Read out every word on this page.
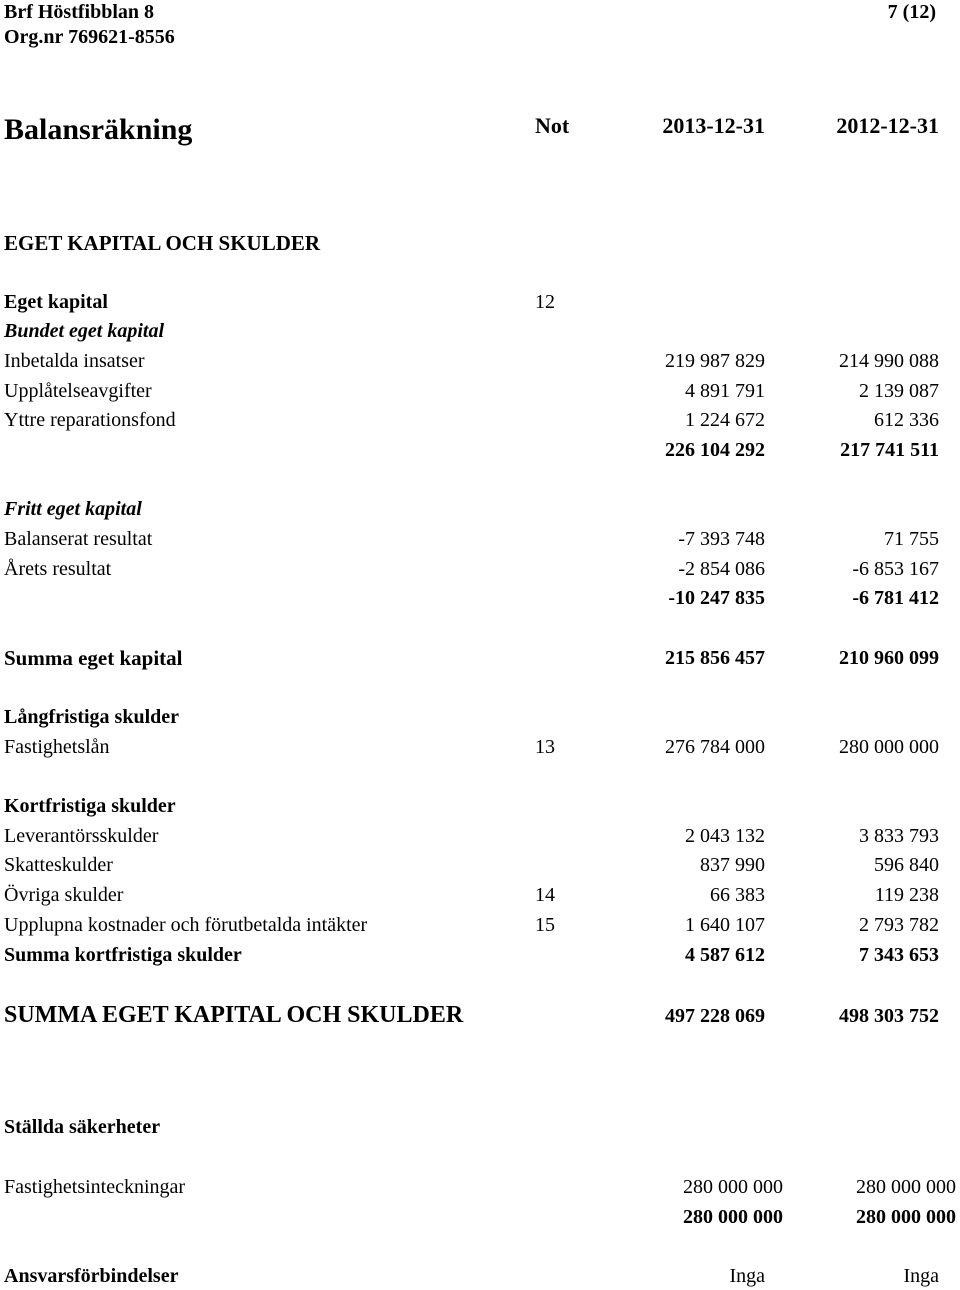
Brf Höstfibblan 8
Org.nr 769621-8556
7 (12)
Balansräkning	Not	2013-12-31	2012-12-31
EGET KAPITAL OCH SKULDER
Eget kapital	12
Bundet eget kapital
Inbetalda insatser	219 987 829	214 990 088
Upplåtelseavgifter	4 891 791	2 139 087
Yttre reparationsfond	1 224 672	612 336
226 104 292	217 741 511
Fritt eget kapital
Balanserat resultat	-7 393 748	71 755
Årets resultat	-2 854 086	-6 853 167
-10 247 835	-6 781 412
Summa eget kapital	215 856 457	210 960 099
Långfristiga skulder
Fastighetslån	13	276 784 000	280 000 000
Kortfristiga skulder
Leverantörsskulder	2 043 132	3 833 793
Skatteskulder	837 990	596 840
Övriga skulder	14	66 383	119 238
Upplupna kostnader och förutbetalda intäkter	15	1 640 107	2 793 782
Summa kortfristiga skulder	4 587 612	7 343 653
SUMMA EGET KAPITAL OCH SKULDER	497 228 069	498 303 752
Ställda säkerheter
Fastighetsinteckningar	280 000 000	280 000 000
280 000 000	280 000 000
Ansvarsförbindelser	Inga	Inga
